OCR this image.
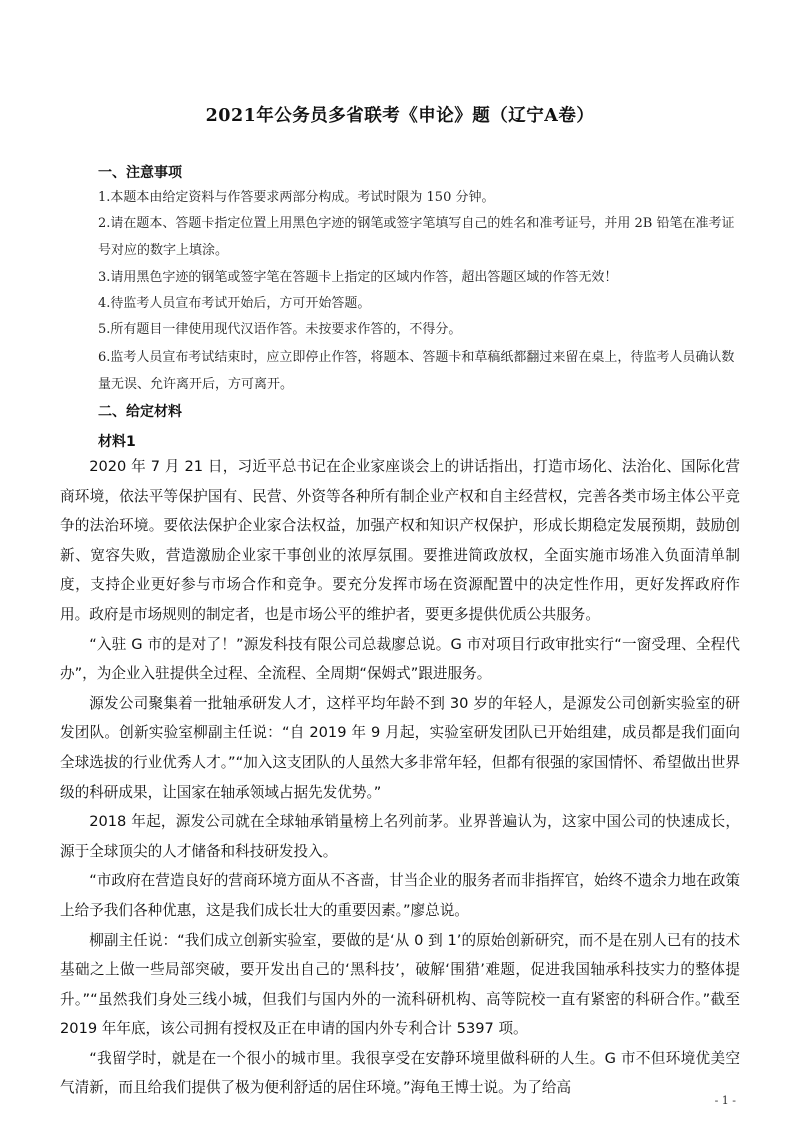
2021年公务员多省联考《申论》题（辽宁A卷）
一、注意事项
1.本题本由给定资料与作答要求两部分构成。考试时限为 150 分钟。
2.请在题本、答题卡指定位置上用黑色字迹的钢笔或签字笔填写自己的姓名和准考证号，并用 2B 铅笔在准考证号对应的数字上填涂。
3.请用黑色字迹的钢笔或签字笔在答题卡上指定的区域内作答，超出答题区域的作答无效！
4.待监考人员宣布考试开始后，方可开始答题。
5.所有题目一律使用现代汉语作答。未按要求作答的，不得分。
6.监考人员宣布考试结束时，应立即停止作答，将题本、答题卡和草稿纸都翻过来留在桌上，待监考人员确认数量无误、允许离开后，方可离开。
二、给定材料
材料1

2020 年 7 月 21 日，习近平总书记在企业家座谈会上的讲话指出，打造市场化、法治化、国际化营商环境，依法平等保护国有、民营、外资等各种所有制企业产权和自主经营权，完善各类市场主体公平竞争的法治环境。要依法保护企业家合法权益，加强产权和知识产权保护，形成长期稳定发展预期，鼓励创新、宽容失败，营造激励企业家干事创业的浓厚氛围。要推进简政放权，全面实施市场准入负面清单制度，支持企业更好参与市场合作和竞争。要充分发挥市场在资源配置中的决定性作用，更好发挥政府作用。政府是市场规则的制定者，也是市场公平的维护者，要更多提供优质公共服务。

“入驻 G 市的是对了！”源发科技有限公司总裁廖总说。G 市对项目行政审批实行“一窗受理、全程代办”，为企业入驻提供全过程、全流程、全周期“保姆式”跟进服务。

源发公司聚集着一批轴承研发人才，这样平均年龄不到 30 岁的年轻人，是源发公司创新实验室的研发团队。创新实验室柳副主任说：“自 2019 年 9 月起，实验室研发团队已开始组建，成员都是我们面向全球选拔的行业优秀人才。”“加入这支团队的人虽然大多非常年轻，但都有很强的家国情怀、希望做出世界级的科研成果，让国家在轴承领域占据先发优势。”

2018 年起，源发公司就在全球轴承销量榜上名列前茅。业界普遍认为，这家中国公司的快速成长，源于全球顶尖的人才储备和科技研发投入。

“市政府在营造良好的营商环境方面从不吝啬，甘当企业的服务者而非指挥官，始终不遗余力地在政策上给予我们各种优惠，这是我们成长壮大的重要因素。”廖总说。

柳副主任说：“我们成立创新实验室，要做的是‘从 0 到 1’的原始创新研究，而不是在别人已有的技术基础之上做一些局部突破，要开发出自己的‘黑科技’，破解‘围猎’难题，促进我国轴承科技实力的整体提升。”“虽然我们身处三线小城，但我们与国内外的一流科研机构、高等院校一直有紧密的科研合作。”截至 2019 年年底，该公司拥有授权及正在申请的国内外专利合计 5397 项。

“我留学时，就是在一个很小的城市里。我很享受在安静环境里做科研的人生。G 市不但环境优美空气清新，而且给我们提供了极为便利舒适的居住环境。”海龟王博士说。为了给高

- 1 -
